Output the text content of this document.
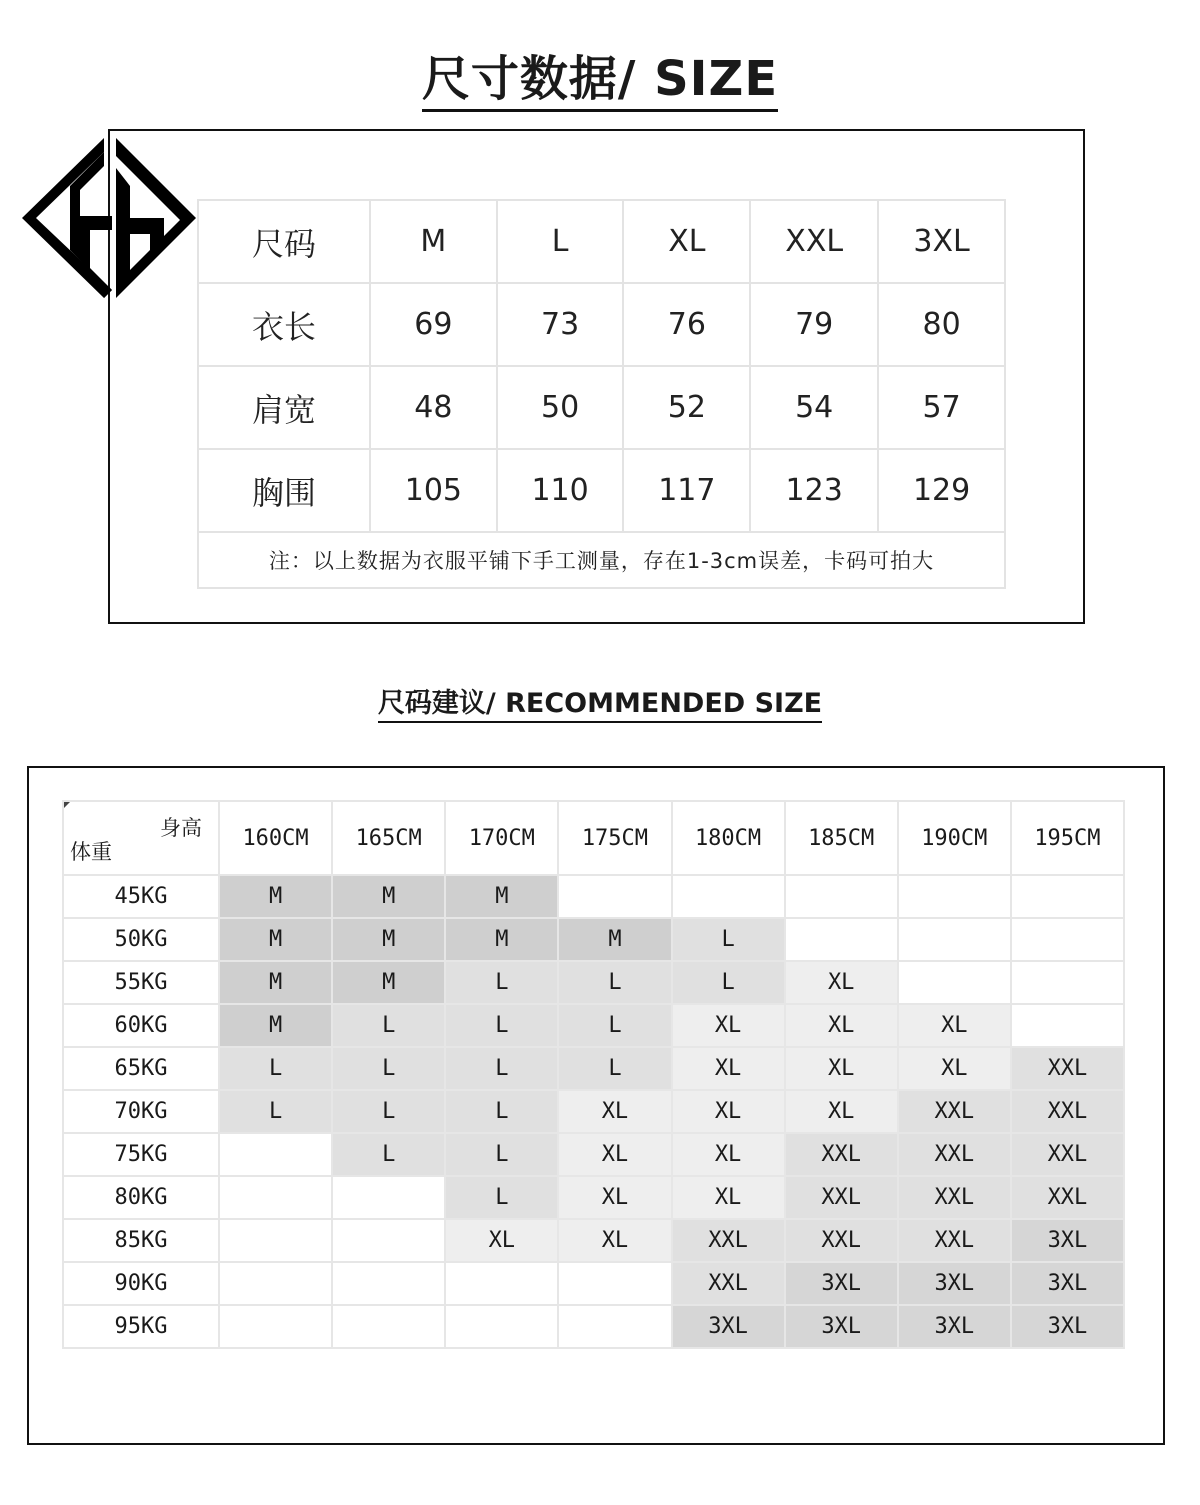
尺寸数据/ SIZE
尺码	M	L	XL	XXL	3XL
衣长	69	73	76	79	80
肩宽	48	50	52	54	57
胸围	105	110	117	123	129
注：以上数据为衣服平铺下手工测量，存在1-3cm误差，卡码可拍大					
尺码建议/ RECOMMENDED SIZE
身高
体重	160CM	165CM	170CM	175CM	180CM	185CM	190CM	195CM
45KG	M	M	M					
50KG	M	M	M	M	L			
55KG	M	M	L	L	L	XL		
60KG	M	L	L	L	XL	XL	XL	
65KG	L	L	L	L	XL	XL	XL	XXL
70KG	L	L	L	XL	XL	XL	XXL	XXL
75KG		L	L	XL	XL	XXL	XXL	XXL
80KG			L	XL	XL	XXL	XXL	XXL
85KG			XL	XL	XXL	XXL	XXL	3XL
90KG					XXL	3XL	3XL	3XL
95KG					3XL	3XL	3XL	3XL
